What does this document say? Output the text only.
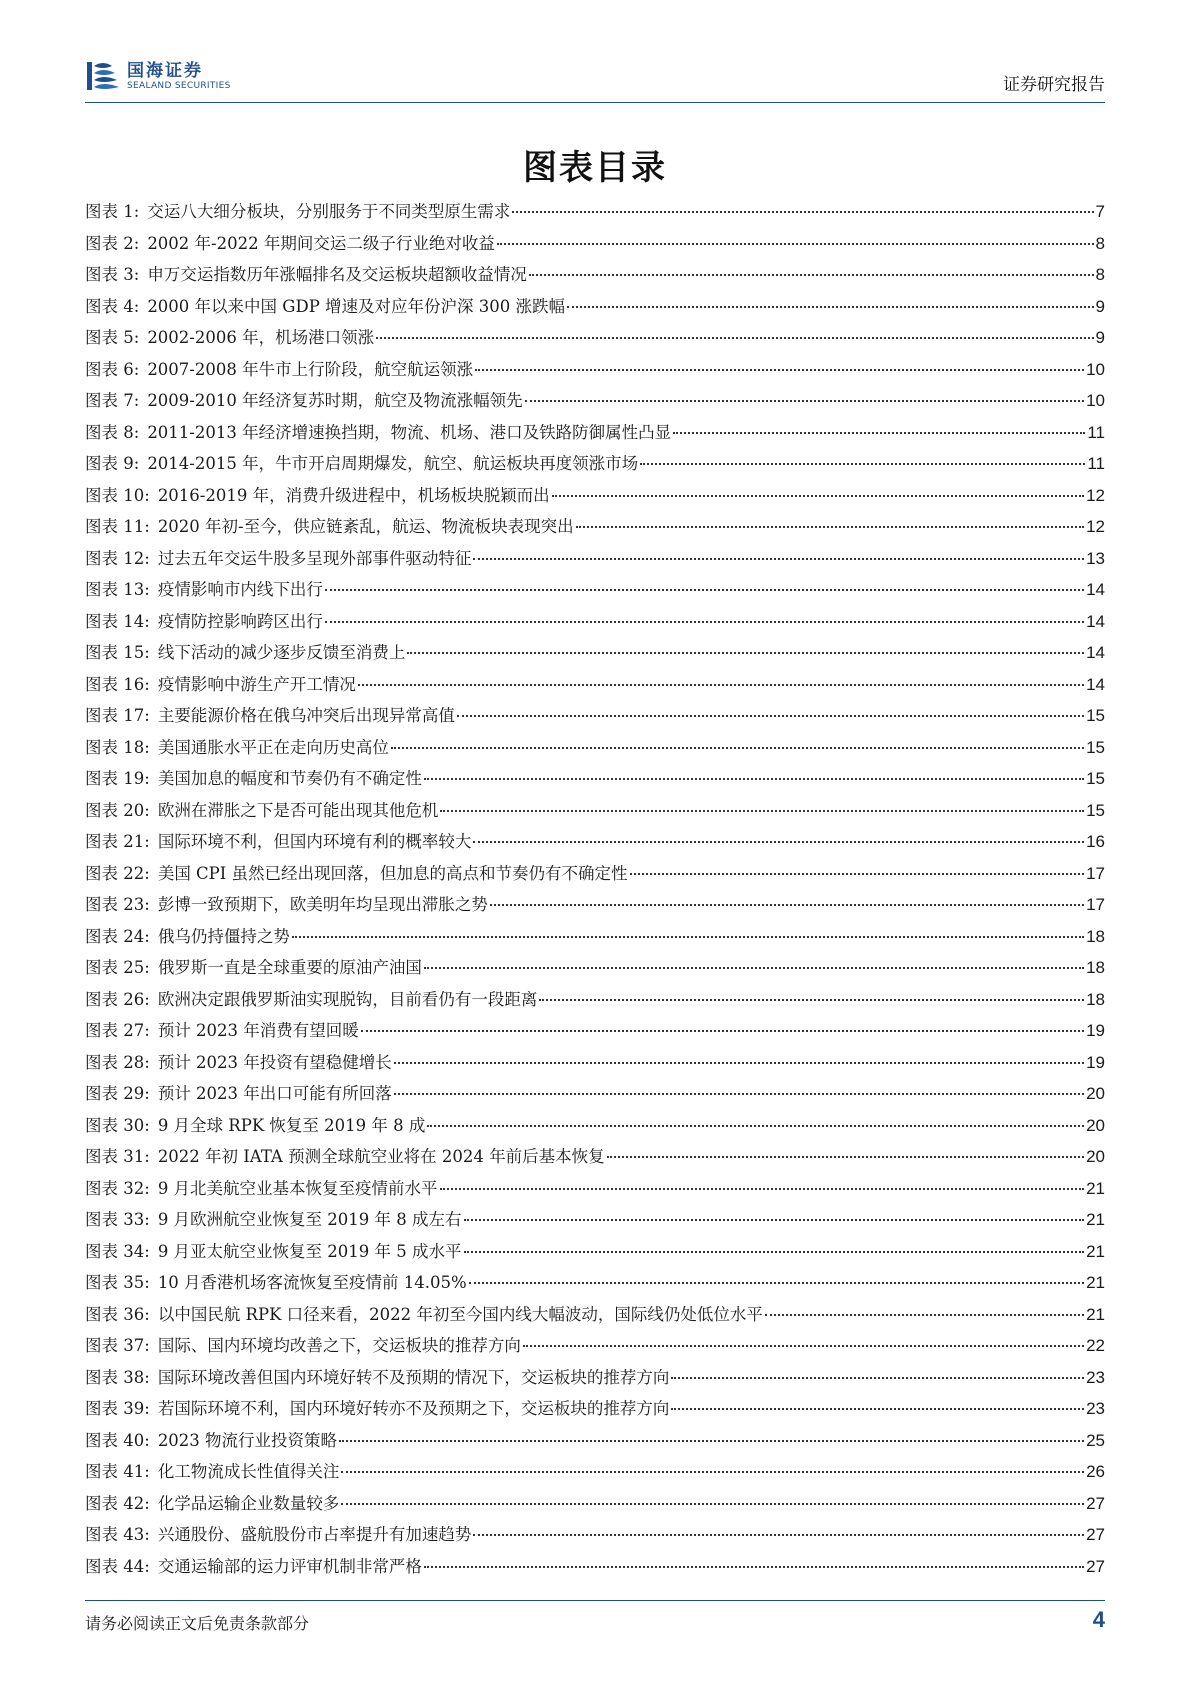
国海证券
SEALAND SECURITIES	证券研究报告
图表目录
图表 1: 交运八大细分板块，分别服务于不同类型原生需求	7
图表 2: 2002 年-2022 年期间交运二级子行业绝对收益	8
图表 3: 申万交运指数历年涨幅排名及交运板块超额收益情况	8
图表 4: 2000 年以来中国 GDP 增速及对应年份沪深 300 涨跌幅	9
图表 5: 2002-2006 年，机场港口领涨	9
图表 6: 2007-2008 年牛市上行阶段，航空航运领涨	10
图表 7: 2009-2010 年经济复苏时期，航空及物流涨幅领先	10
图表 8: 2011-2013 年经济增速换挡期，物流、机场、港口及铁路防御属性凸显	11
图表 9: 2014-2015 年，牛市开启周期爆发，航空、航运板块再度领涨市场	11
图表 10: 2016-2019 年，消费升级进程中，机场板块脱颖而出	12
图表 11: 2020 年初-至今，供应链紊乱，航运、物流板块表现突出	12
图表 12: 过去五年交运牛股多呈现外部事件驱动特征	13
图表 13: 疫情影响市内线下出行	14
图表 14: 疫情防控影响跨区出行	14
图表 15: 线下活动的减少逐步反馈至消费上	14
图表 16: 疫情影响中游生产开工情况	14
图表 17: 主要能源价格在俄乌冲突后出现异常高值	15
图表 18: 美国通胀水平正在走向历史高位	15
图表 19: 美国加息的幅度和节奏仍有不确定性	15
图表 20: 欧洲在滞胀之下是否可能出现其他危机	15
图表 21: 国际环境不利，但国内环境有利的概率较大	16
图表 22: 美国 CPI 虽然已经出现回落，但加息的高点和节奏仍有不确定性	17
图表 23: 彭博一致预期下，欧美明年均呈现出滞胀之势	17
图表 24: 俄乌仍持僵持之势	18
图表 25: 俄罗斯一直是全球重要的原油产油国	18
图表 26: 欧洲决定跟俄罗斯油实现脱钩，目前看仍有一段距离	18
图表 27: 预计 2023 年消费有望回暖	19
图表 28: 预计 2023 年投资有望稳健增长	19
图表 29: 预计 2023 年出口可能有所回落	20
图表 30: 9 月全球 RPK 恢复至 2019 年 8 成	20
图表 31: 2022 年初 IATA 预测全球航空业将在 2024 年前后基本恢复	20
图表 32: 9 月北美航空业基本恢复至疫情前水平	21
图表 33: 9 月欧洲航空业恢复至 2019 年 8 成左右	21
图表 34: 9 月亚太航空业恢复至 2019 年 5 成水平	21
图表 35: 10 月香港机场客流恢复至疫情前 14.05%	21
图表 36: 以中国民航 RPK 口径来看，2022 年初至今国内线大幅波动，国际线仍处低位水平	21
图表 37: 国际、国内环境均改善之下，交运板块的推荐方向	22
图表 38: 国际环境改善但国内环境好转不及预期的情况下，交运板块的推荐方向	23
图表 39: 若国际环境不利，国内环境好转亦不及预期之下，交运板块的推荐方向	23
图表 40: 2023 物流行业投资策略	25
图表 41: 化工物流成长性值得关注	26
图表 42: 化学品运输企业数量较多	27
图表 43: 兴通股份、盛航股份市占率提升有加速趋势	27
图表 44: 交通运输部的运力评审机制非常严格	27
请务必阅读正文后免责条款部分	4
